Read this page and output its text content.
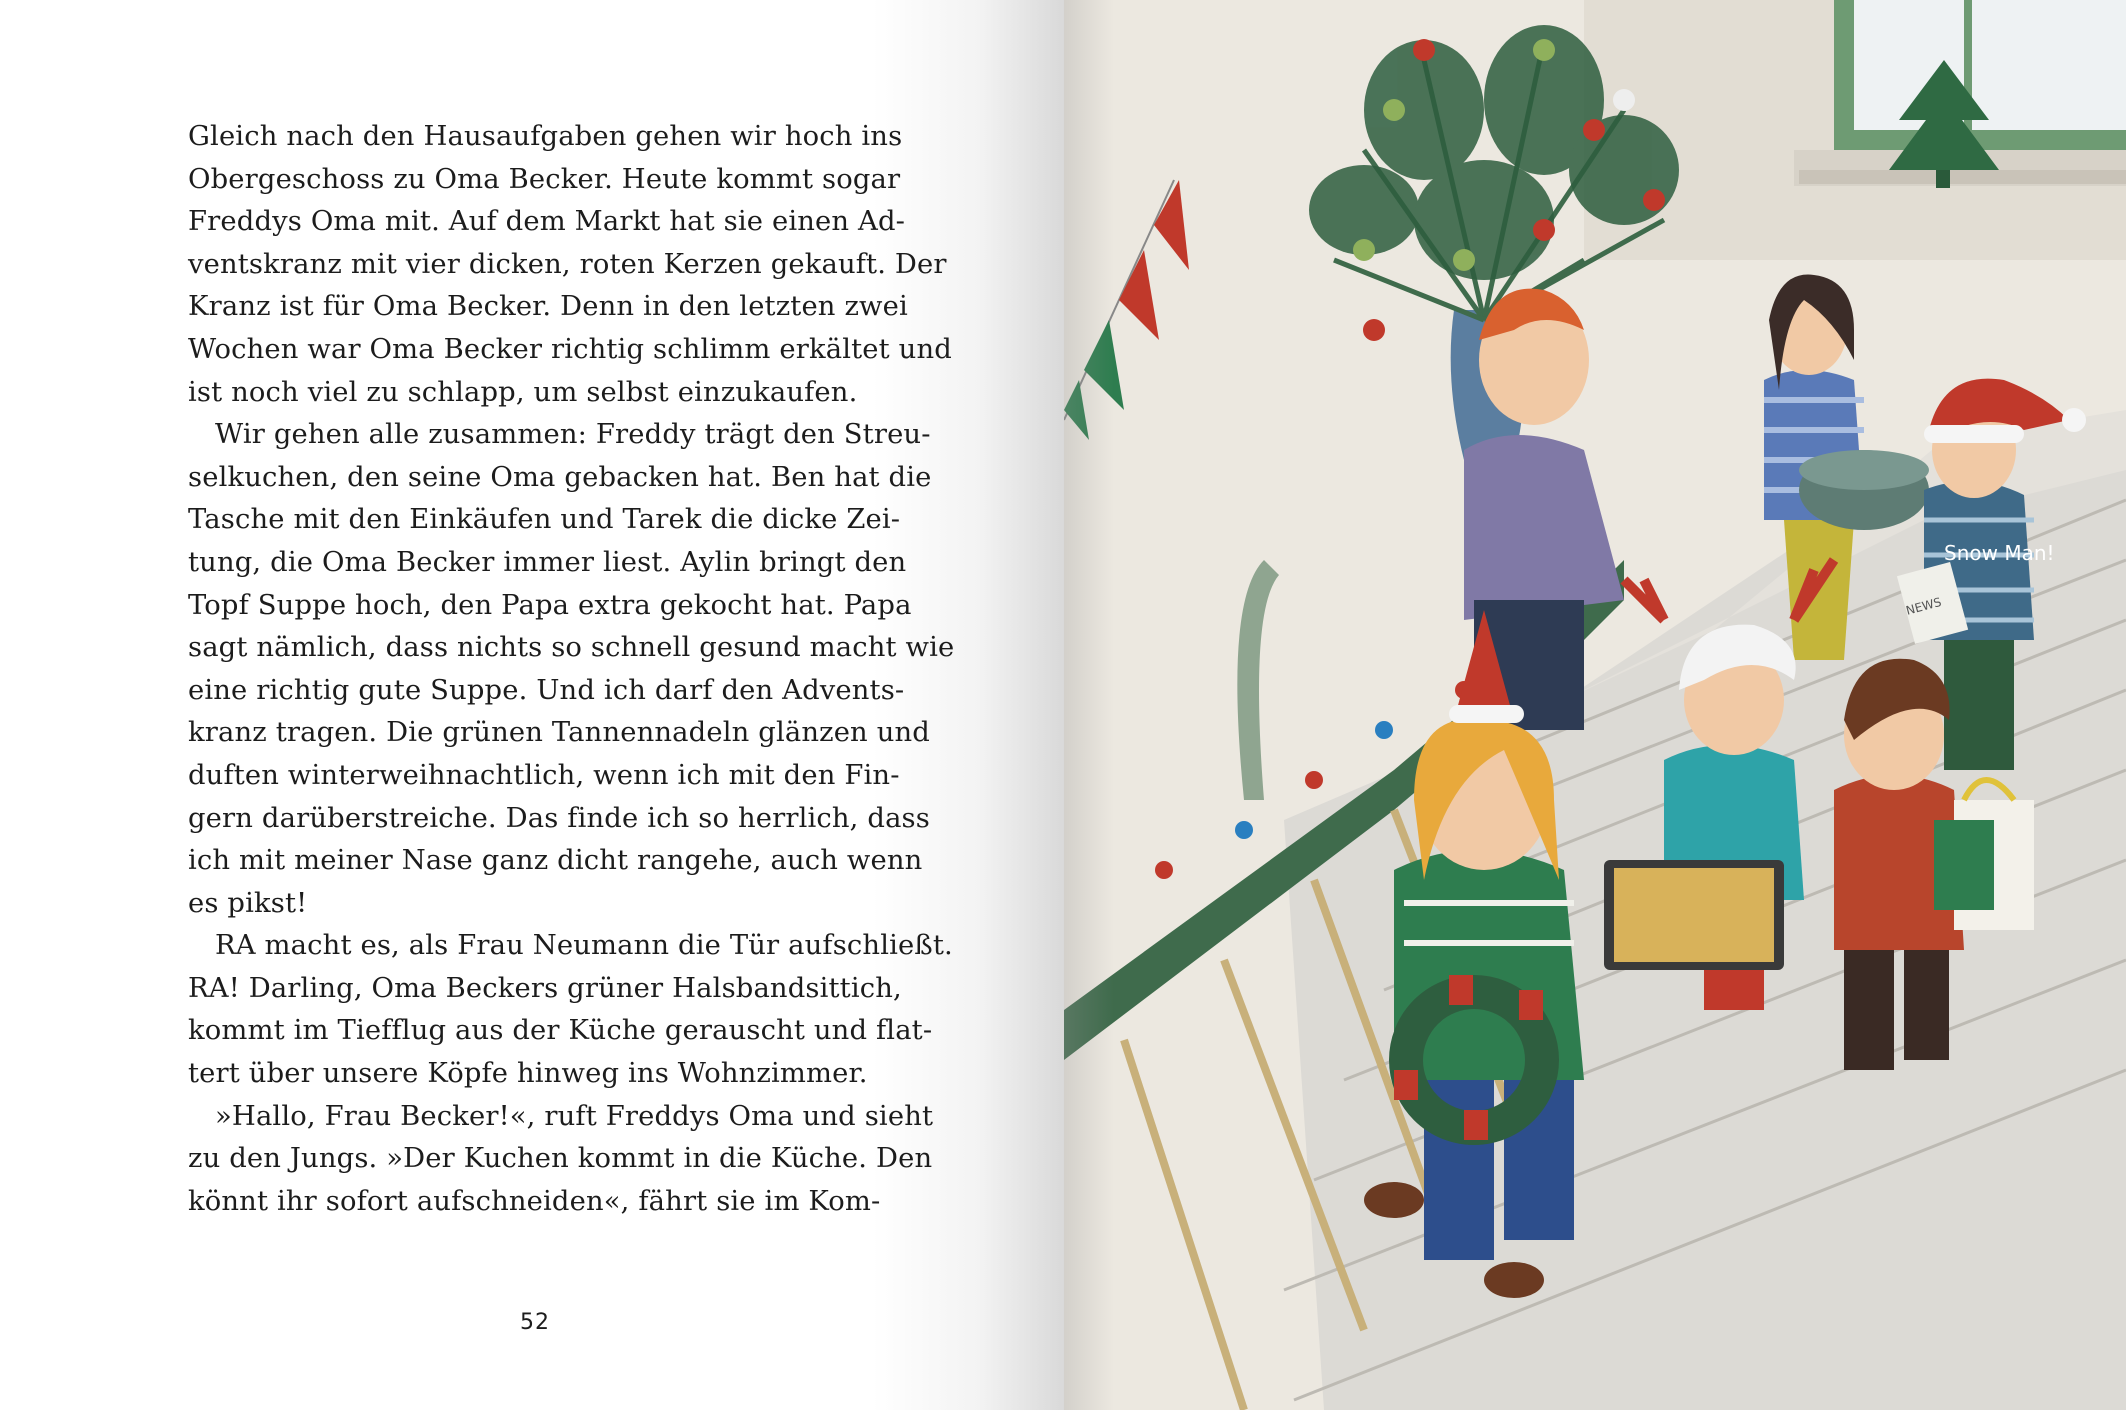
Gleich nach den Hausaufgaben gehen wir hoch ins
Obergeschoss zu Oma Becker. Heute kommt sogar
Freddys Oma mit. Auf dem Markt hat sie einen Ad-
ventskranz mit vier dicken, roten Kerzen gekauft. Der
Kranz ist für Oma Becker. Denn in den letzten zwei
Wochen war Oma Becker richtig schlimm erkältet und
ist noch viel zu schlapp, um selbst einzukaufen.
Wir gehen alle zusammen: Freddy trägt den Streu-
selkuchen, den seine Oma gebacken hat. Ben hat die
Tasche mit den Einkäufen und Tarek die dicke Zei-
tung, die Oma Becker immer liest. Aylin bringt den
Topf Suppe hoch, den Papa extra gekocht hat. Papa
sagt nämlich, dass nichts so schnell gesund macht wie
eine richtig gute Suppe. Und ich darf den Advents-
kranz tragen. Die grünen Tannennadeln glänzen und
duften winterweihnachtlich, wenn ich mit den Fin-
gern darüberstreiche. Das finde ich so herrlich, dass
ich mit meiner Nase ganz dicht rangehe, auch wenn
es pikst!
RA macht es, als Frau Neumann die Tür aufschließt.
RA! Darling, Oma Beckers grüner Halsbandsittich,
kommt im Tiefflug aus der Küche gerauscht und flat-
tert über unsere Köpfe hinweg ins Wohnzimmer.
»Hallo, Frau Becker!«, ruft Freddys Oma und sieht
zu den Jungs. »Der Kuchen kommt in die Küche. Den
könnt ihr sofort aufschneiden«, fährt sie im Kom-
52
Snow Man!
NEWS
